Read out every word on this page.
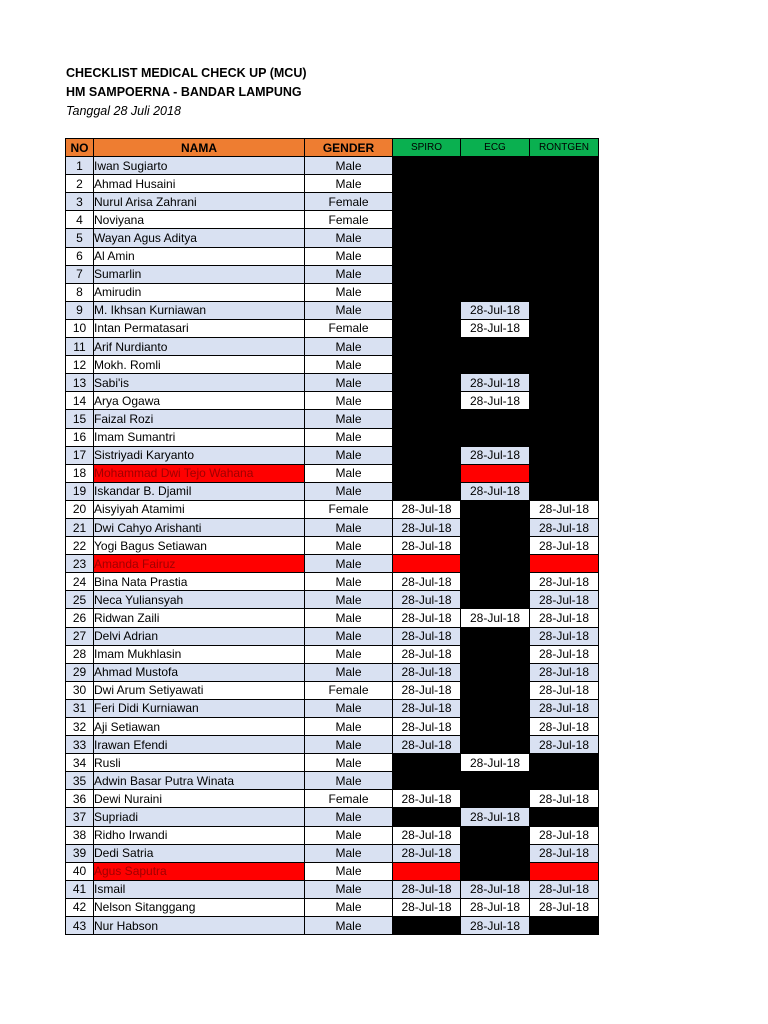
CHECKLIST MEDICAL CHECK UP (MCU)
HM SAMPOERNA - BANDAR LAMPUNG
Tanggal 28 Juli 2018
NO	NAMA	GENDER	SPIRO	ECG	RONTGEN
1	Iwan Sugiarto	Male			
2	Ahmad Husaini	Male			
3	Nurul Arisa Zahrani	Female			
4	Noviyana	Female			
5	Wayan Agus Aditya	Male			
6	Al Amin	Male			
7	Sumarlin	Male			
8	Amirudin	Male			
9	M. Ikhsan Kurniawan	Male		28-Jul-18	
10	Intan Permatasari	Female		28-Jul-18	
11	Arif Nurdianto	Male			
12	Mokh. Romli	Male			
13	Sabi'is	Male		28-Jul-18	
14	Arya Ogawa	Male		28-Jul-18	
15	Faizal Rozi	Male			
16	Imam Sumantri	Male			
17	Sistriyadi Karyanto	Male		28-Jul-18	
18	Mohammad Dwi Tejo Wahana	Male			
19	Iskandar B. Djamil	Male		28-Jul-18	
20	Aisyiyah Atamimi	Female	28-Jul-18		28-Jul-18
21	Dwi Cahyo Arishanti	Male	28-Jul-18		28-Jul-18
22	Yogi Bagus Setiawan	Male	28-Jul-18		28-Jul-18
23	Amanda Fairuz	Male			
24	Bina Nata Prastia	Male	28-Jul-18		28-Jul-18
25	Neca Yuliansyah	Male	28-Jul-18		28-Jul-18
26	Ridwan Zaili	Male	28-Jul-18	28-Jul-18	28-Jul-18
27	Delvi Adrian	Male	28-Jul-18		28-Jul-18
28	Imam Mukhlasin	Male	28-Jul-18		28-Jul-18
29	Ahmad Mustofa	Male	28-Jul-18		28-Jul-18
30	Dwi Arum Setiyawati	Female	28-Jul-18		28-Jul-18
31	Feri Didi Kurniawan	Male	28-Jul-18		28-Jul-18
32	Aji Setiawan	Male	28-Jul-18		28-Jul-18
33	Irawan Efendi	Male	28-Jul-18		28-Jul-18
34	Rusli	Male		28-Jul-18	
35	Adwin Basar Putra Winata	Male			
36	Dewi Nuraini	Female	28-Jul-18		28-Jul-18
37	Supriadi	Male		28-Jul-18	
38	Ridho Irwandi	Male	28-Jul-18		28-Jul-18
39	Dedi Satria	Male	28-Jul-18		28-Jul-18
40	Agus Saputra	Male			
41	Ismail	Male	28-Jul-18	28-Jul-18	28-Jul-18
42	Nelson Sitanggang	Male	28-Jul-18	28-Jul-18	28-Jul-18
43	Nur Habson	Male		28-Jul-18	
